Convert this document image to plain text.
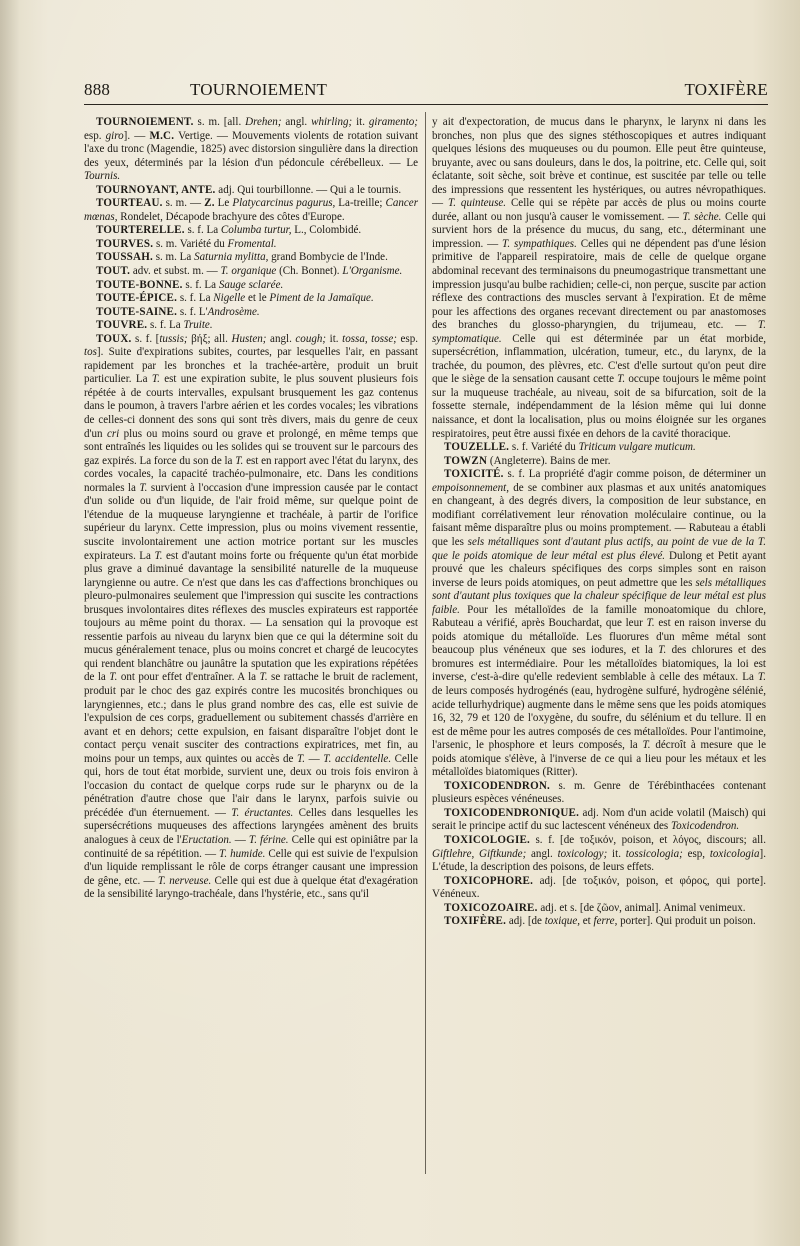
888	TOURNOIEMENT	TOXIFÈRE

TOURNOIEMENT. s. m. [all. Drehen; angl. whirling; it. giramento; esp. giro]. — M.C. Vertige. — Mouvements violents de rotation suivant l'axe du tronc (Magendie, 1825) avec distorsion singulière dans la direction des yeux, déterminés par la lésion d'un pédoncule cérébelleux. — Le Tournis.

TOURNOYANT, ANTE. adj. Qui tourbillonne. — Qui a le tournis.

TOURTEAU. s. m. — Z. Le Platycarcinus pagurus, La-treille; Cancer mœnas, Rondelet, Décapode brachyure des côtes d'Europe.

TOURTERELLE. s. f. La Columba turtur, L., Colombidé.

TOURVES. s. m. Variété du Fromental.

TOUSSAH. s. m. La Saturnia mylitta, grand Bombycie de l'Inde.

TOUT. adv. et subst. m. — T. organique (Ch. Bonnet). L'Organisme.

TOUTE-BONNE. s. f. La Sauge sclarée.

TOUTE-ÉPICE. s. f. La Nigelle et le Piment de la Jamaïque.

TOUTE-SAINE. s. f. L'Androsème.

TOUVRE. s. f. La Truite.

TOUX. s. f. [tussis; βήξ; all. Husten; angl. cough; it. tossa, tosse; esp. tos]. Suite d'expirations subites, courtes, par lesquelles l'air, en passant rapidement par les bronches et la trachée-artère, produit un bruit particulier. La T. est une expiration subite, le plus souvent plusieurs fois répétée à de courts intervalles, expulsant brusquement les gaz contenus dans le poumon, à travers l'arbre aérien et les cordes vocales; les vibrations de celles-ci donnent des sons qui sont très divers, mais du genre de ceux d'un cri plus ou moins sourd ou grave et prolongé, en même temps que sont entraînés les liquides ou les solides qui se trouvent sur le parcours des gaz expirés. La force du son de la T. est en rapport avec l'état du larynx, des cordes vocales, la capacité trachéo-pulmonaire, etc. Dans les conditions normales la T. survient à l'occasion d'une impression causée par le contact d'un solide ou d'un liquide, de l'air froid même, sur quelque point de l'étendue de la muqueuse laryngienne et trachéale, à partir de l'orifice supérieur du larynx. Cette impression, plus ou moins vivement ressentie, suscite involontairement une action motrice portant sur les muscles expirateurs. La T. est d'autant moins forte ou fréquente qu'un état morbide plus grave a diminué davantage la sensibilité naturelle de la muqueuse laryngienne ou autre. Ce n'est que dans les cas d'affections bronchiques ou pleuro-pulmonaires seulement que l'impression qui suscite les contractions brusques involontaires dites réflexes des muscles expirateurs est rapportée toujours au même point du thorax. — La sensation qui la provoque est ressentie parfois au niveau du larynx bien que ce qui la détermine soit du mucus généralement tenace, plus ou moins concret et chargé de leucocytes qui rendent blanchâtre ou jaunâtre la sputation que les expirations répétées de la T. ont pour effet d'entraîner. A la T. se rattache le bruit de raclement, produit par le choc des gaz expirés contre les mucosités bronchiques ou laryngiennes, etc.; dans le plus grand nombre des cas, elle est suivie de l'expulsion de ces corps, graduellement ou subitement chassés d'arrière en avant et en dehors; cette expulsion, en faisant disparaître l'objet dont le contact perçu venait susciter des contractions expiratrices, met fin, au moins pour un temps, aux quintes ou accès de T. — T. accidentelle. Celle qui, hors de tout état morbide, survient une, deux ou trois fois environ à l'occasion du contact de quelque corps rude sur le pharynx ou de la pénétration d'autre chose que l'air dans le larynx, parfois suivie ou précédée d'un éternuement. — T. éructantes. Celles dans lesquelles les supersécrétions muqueuses des affections laryngées amènent des bruits analogues à ceux de l'Eructation. — T. férine. Celle qui est opiniâtre par la continuité de sa répétition. — T. humide. Celle qui est suivie de l'expulsion d'un liquide remplissant le rôle de corps étranger causant une impression de gêne, etc. — T. nerveuse. Celle qui est due à quelque état d'exagération de la sensibilité laryngo-trachéale, dans l'hystérie, etc., sans qu'il

y ait d'expectoration, de mucus dans le pharynx, le larynx ni dans les bronches, non plus que des signes stéthoscopiques et autres indiquant quelques lésions des muqueuses ou du poumon. Elle peut être quinteuse, bruyante, avec ou sans douleurs, dans le dos, la poitrine, etc. Celle qui, soit éclatante, soit sèche, soit brève et continue, est suscitée par telle ou telle des impressions que ressentent les hystériques, ou autres névropathiques. — T. quinteuse. Celle qui se répète par accès de plus ou moins courte durée, allant ou non jusqu'à causer le vomissement. — T. sèche. Celle qui survient hors de la présence du mucus, du sang, etc., déterminant une impression. — T. sympathiques. Celles qui ne dépendent pas d'une lésion primitive de l'appareil respiratoire, mais de celle de quelque organe abdominal recevant des terminaisons du pneumogastrique transmettant une impression jusqu'au bulbe rachidien; celle-ci, non perçue, suscite par action réflexe des contractions des muscles servant à l'expiration. Et de même pour les affections des organes recevant directement ou par anastomoses des branches du glosso-pharyngien, du trijumeau, etc. — T. symptomatique. Celle qui est déterminée par un état morbide, supersécrétion, inflammation, ulcération, tumeur, etc., du larynx, de la trachée, du poumon, des plèvres, etc. C'est d'elle surtout qu'on peut dire que le siège de la sensation causant cette T. occupe toujours le même point sur la muqueuse trachéale, au niveau, soit de sa bifurcation, soit de la fossette sternale, indépendamment de la lésion même qui lui donne naissance, et dont la localisation, plus ou moins éloignée sur les organes respiratoires, peut être aussi fixée en dehors de la cavité thoracique.

TOUZELLE. s. f. Variété du Triticum vulgare muticum.

TOWZN (Angleterre). Bains de mer.

TOXICITÉ. s. f. La propriété d'agir comme poison, de déterminer un empoisonnement, de se combiner aux plasmas et aux unités anatomiques en changeant, à des degrés divers, la composition de leur substance, en modifiant corrélativement leur rénovation moléculaire continue, ou la faisant même disparaître plus ou moins promptement. — Rabuteau a établi que les sels métalliques sont d'autant plus actifs, au point de vue de la T. que le poids atomique de leur métal est plus élevé. Dulong et Petit ayant prouvé que les chaleurs spécifiques des corps simples sont en raison inverse de leurs poids atomiques, on peut admettre que les sels métalliques sont d'autant plus toxiques que la chaleur spécifique de leur métal est plus faible. Pour les métalloïdes de la famille monoatomique du chlore, Rabuteau a vérifié, après Bouchardat, que leur T. est en raison inverse du poids atomique du métalloïde. Les fluorures d'un même métal sont beaucoup plus vénéneux que ses iodures, et la T. des chlorures et des bromures est intermédiaire. Pour les métalloïdes biatomiques, la loi est inverse, c'est-à-dire qu'elle redevient semblable à celle des métaux. La T. de leurs composés hydrogénés (eau, hydrogène sulfuré, hydrogène sélénié, acide tellurhydrique) augmente dans le même sens que les poids atomiques 16, 32, 79 et 120 de l'oxygène, du soufre, du sélénium et du tellure. Il en est de même pour les autres composés de ces métalloïdes. Pour l'antimoine, l'arsenic, le phosphore et leurs composés, la T. décroît à mesure que le poids atomique s'élève, à l'inverse de ce qui a lieu pour les métaux et les métalloïdes biatomiques (Ritter).

TOXICODENDRON. s. m. Genre de Térébinthacées contenant plusieurs espèces vénéneuses.

TOXICODENDRONIQUE. adj. Nom d'un acide volatil (Maisch) qui serait le principe actif du suc lactescent vénéneux des Toxicodendron.

TOXICOLOGIE. s. f. [de τοξικόν, poison, et λόγος, discours; all. Giftlehre, Giftkunde; angl. toxicology; it. tossicologia; esp, toxicologia]. L'étude, la description des poisons, de leurs effets.

TOXICOPHORE. adj. [de τοξικόν, poison, et φόρος, qui porte]. Vénéneux.

TOXICOZOAIRE. adj. et s. [de ζῶον, animal]. Animal venimeux.

TOXIFÈRE. adj. [de toxique, et ferre, porter]. Qui produit un poison.
